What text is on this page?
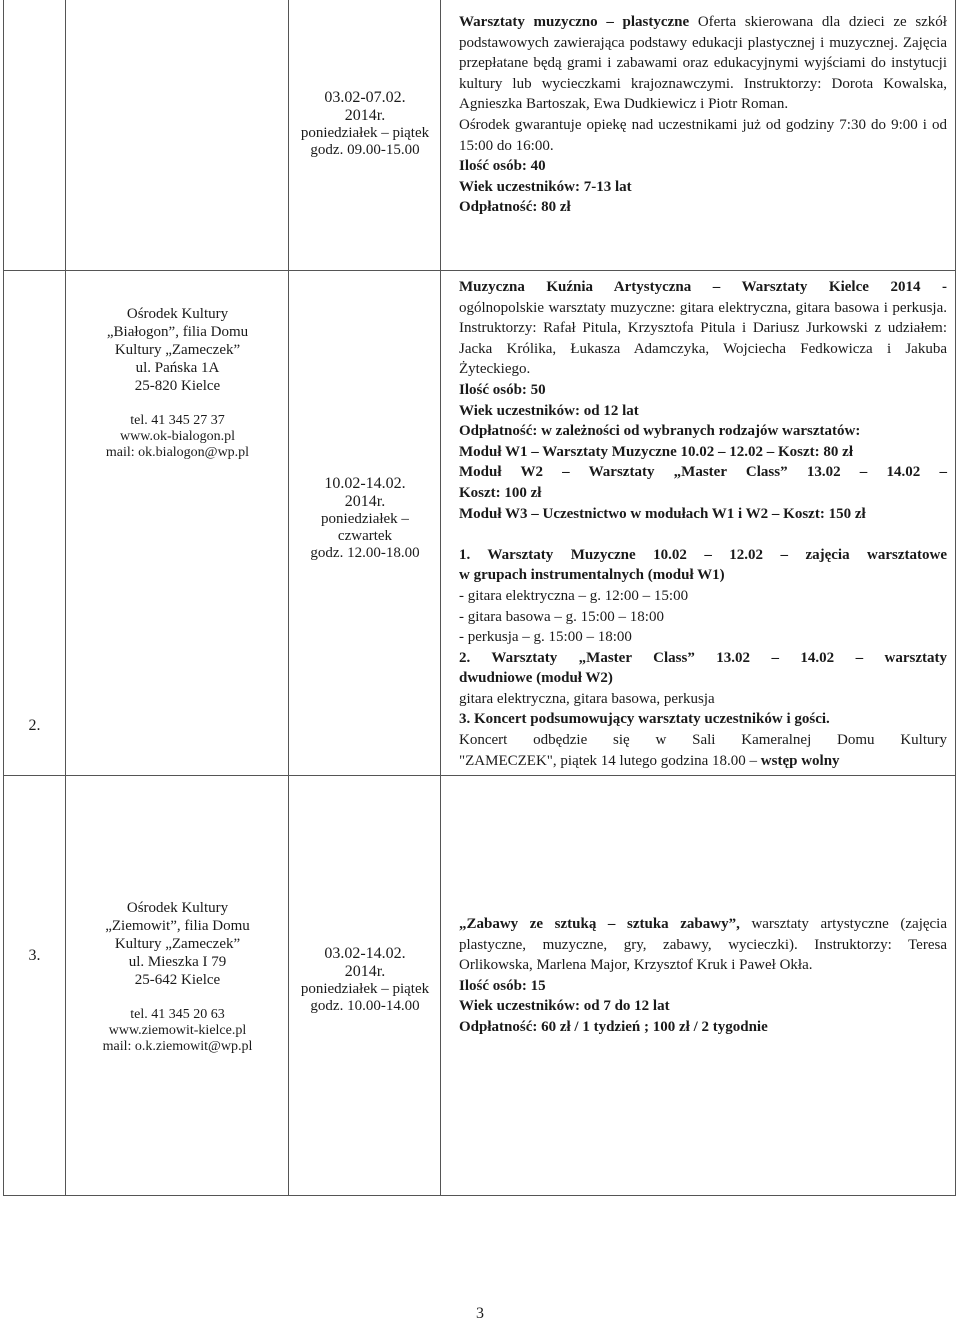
03.02-07.02.
2014r.
poniedziałek – piątek
godz. 09.00-15.00

Warsztaty muzyczno – plastyczne Oferta skierowana dla dzieci ze szkół podstawowych zawierająca podstawy edukacji plastycznej i muzycznej. Zajęcia przepłatane będą grami i zabawami oraz edukacyjnymi wyjściami do instytucji kultury lub wycieczkami krajoznawczymi. Instruktorzy: Dorota Kowalska, Agnieszka Bartoszak, Ewa Dudkiewicz i Piotr Roman.

Ośrodek gwarantuje opiekę nad uczestnikami już od godziny 7:30 do 9:00 i od 15:00 do 16:00.

Ilość osób: 40

Wiek uczestników: 7-13 lat

Odpłatność: 80 zł

2.
Ośrodek Kultury
„Białogon”, filia Domu
Kultury „Zameczek”
ul. Pańska 1A
25-820 Kielce
tel. 41 345 27 37
www.ok-bialogon.pl
mail: ok.bialogon@wp.pl
10.02-14.02.
2014r.
poniedziałek –
czwartek
godz. 12.00-18.00

Muzyczna Kuźnia Artystyczna – Warsztaty Kielce 2014 -

ogólnopolskie warsztaty muzyczne: gitara elektryczna, gitara basowa i perkusja. Instruktorzy: Rafał Pitula, Krzysztofa Pitula i Dariusz Jurkowski z udziałem: Jacka Królika, Łukasza Adamczyka, Wojciecha Fedkowicza i Jakuba Żyteckiego.

Ilość osób: 50

Wiek uczestników: od 12 lat

Odpłatność: w zależności od wybranych rodzajów warsztatów:

Moduł W1 – Warsztaty Muzyczne 10.02 – 12.02 – Koszt: 80 zł

Moduł W2 – Warsztaty „Master Class” 13.02 – 14.02 –

Koszt: 100 zł

Moduł W3 – Uczestnictwo w modułach W1 i W2 – Koszt: 150 zł

1. Warsztaty Muzyczne 10.02 – 12.02 – zajęcia warsztatowe

w grupach instrumentalnych (moduł W1)

- gitara elektryczna – g. 12:00 – 15:00

- gitara basowa – g. 15:00 – 18:00

- perkusja – g. 15:00 – 18:00

2. Warsztaty „Master Class” 13.02 – 14.02 – warsztaty

dwudniowe (moduł W2)

gitara elektryczna, gitara basowa, perkusja

3. Koncert podsumowujący warsztaty uczestników i gości.

Koncert odbędzie się w Sali Kameralnej Domu Kultury

"ZAMECZEK", piątek 14 lutego godzina 18.00 – wstęp wolny

3.
Ośrodek Kultury
„Ziemowit”, filia Domu
Kultury „Zameczek”
ul. Mieszka I 79
25-642 Kielce
tel. 41 345 20 63
www.ziemowit-kielce.pl
mail: o.k.ziemowit@wp.pl
03.02-14.02.
2014r.
poniedziałek – piątek
godz. 10.00-14.00

„Zabawy ze sztuką – sztuka zabawy”, warsztaty artystyczne (zajęcia plastyczne, muzyczne, gry, zabawy, wycieczki). Instruktorzy: Teresa Orlikowska, Marlena Major, Krzysztof Kruk i Paweł Okła.

Ilość osób: 15

Wiek uczestników: od 7 do 12 lat

Odpłatność: 60 zł / 1 tydzień ; 100 zł / 2 tygodnie

3
